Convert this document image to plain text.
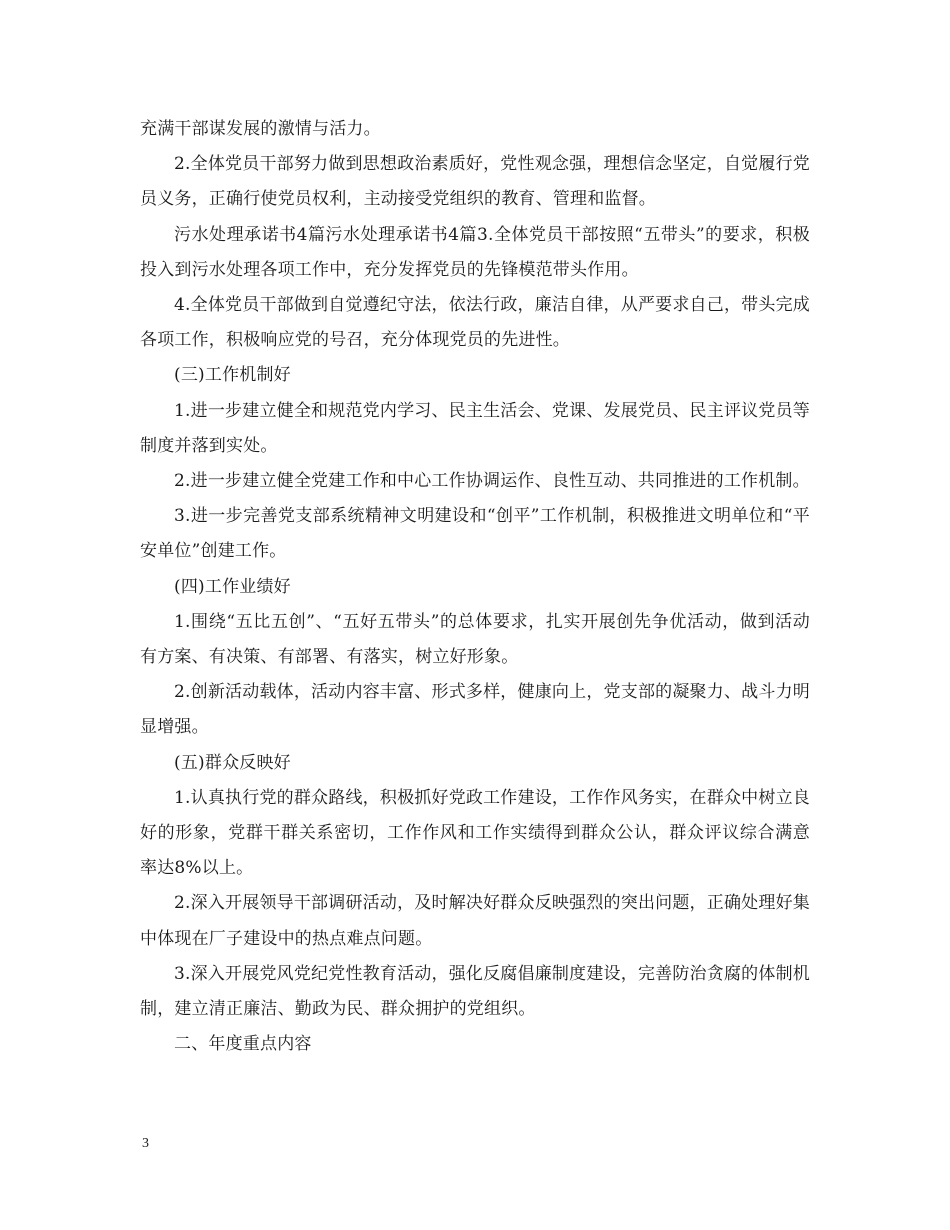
充满干部谋发展的激情与活力。

2.全体党员干部努力做到思想政治素质好，党性观念强，理想信念坚定，自觉履行党员义务，正确行使党员权利，主动接受党组织的教育、管理和监督。

污水处理承诺书4篇污水处理承诺书4篇3.全体党员干部按照“五带头”的要求，积极投入到污水处理各项工作中，充分发挥党员的先锋模范带头作用。

4.全体党员干部做到自觉遵纪守法，依法行政，廉洁自律，从严要求自己，带头完成各项工作，积极响应党的号召，充分体现党员的先进性。

(三)工作机制好

1.进一步建立健全和规范党内学习、民主生活会、党课、发展党员、民主评议党员等制度并落到实处。

2.进一步建立健全党建工作和中心工作协调运作、良性互动、共同推进的工作机制。

3.进一步完善党支部系统精神文明建设和“创平”工作机制，积极推进文明单位和“平安单位”创建工作。

(四)工作业绩好

1.围绕“五比五创”、“五好五带头”的总体要求，扎实开展创先争优活动，做到活动有方案、有决策、有部署、有落实，树立好形象。

2.创新活动载体，活动内容丰富、形式多样，健康向上，党支部的凝聚力、战斗力明显增强。

(五)群众反映好

1.认真执行党的群众路线，积极抓好党政工作建设，工作作风务实，在群众中树立良好的形象，党群干群关系密切，工作作风和工作实绩得到群众公认，群众评议综合满意率达8%以上。

2.深入开展领导干部调研活动，及时解决好群众反映强烈的突出问题，正确处理好集中体现在厂子建设中的热点难点问题。

3.深入开展党风党纪党性教育活动，强化反腐倡廉制度建设，完善防治贪腐的体制机制，建立清正廉洁、勤政为民、群众拥护的党组织。

二、年度重点内容

3
